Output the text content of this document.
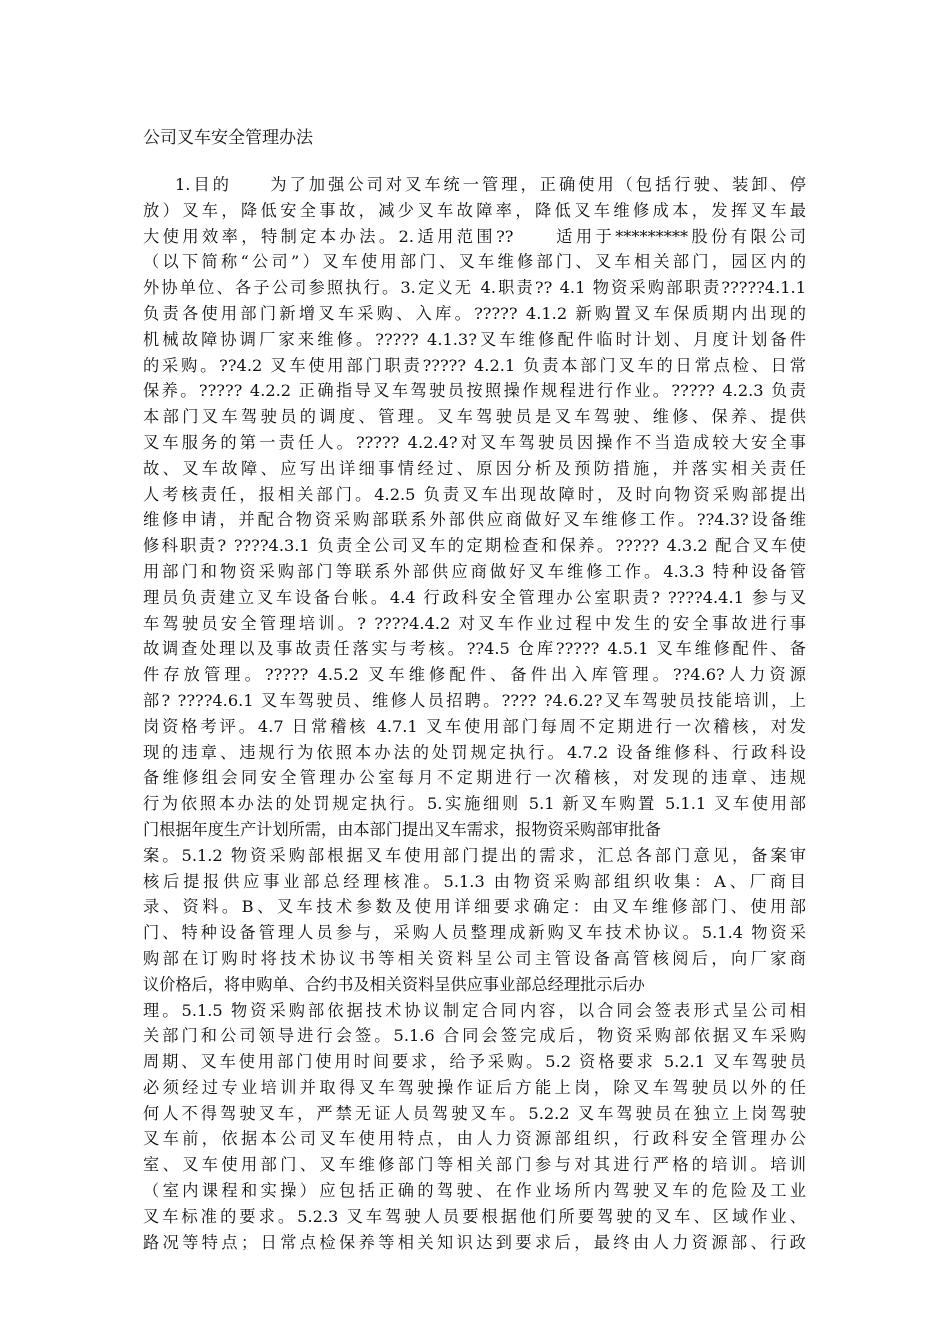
公司叉车安全管理办法
1.目的　　为了加强公司对叉车统一管理，正确使用（包括行驶、装卸、停
放）叉车，降低安全事故，减少叉车故障率，降低叉车维修成本，发挥叉车最
大使用效率，特制定本办法。2.适用范围??　　适用于*********股份有限公司
（以下简称“公司”）叉车使用部门、叉车维修部门、叉车相关部门，园区内的
外协单位、各子公司参照执行。3.定义无 4.职责?? 4.1 物资采购部职责?????4.1.1
负责各使用部门新增叉车采购、入库。????? 4.1.2 新购置叉车保质期内出现的
机械故障协调厂家来维修。????? 4.1.3?叉车维修配件临时计划、月度计划备件
的采购。??4.2 叉车使用部门职责????? 4.2.1 负责本部门叉车的日常点检、日常
保养。????? 4.2.2 正确指导叉车驾驶员按照操作规程进行作业。????? 4.2.3 负责
本部门叉车驾驶员的调度、管理。叉车驾驶员是叉车驾驶、维修、保养、提供
叉车服务的第一责任人。????? 4.2.4?对叉车驾驶员因操作不当造成较大安全事
故、叉车故障、应写出详细事情经过、原因分析及预防措施，并落实相关责任
人考核责任，报相关部门。4.2.5 负责叉车出现故障时，及时向物资采购部提出
维修申请，并配合物资采购部联系外部供应商做好叉车维修工作。??4.3?设备维
修科职责? ????4.3.1 负责全公司叉车的定期检查和保养。????? 4.3.2 配合叉车使
用部门和物资采购部门等联系外部供应商做好叉车维修工作。4.3.3 特种设备管
理员负责建立叉车设备台帐。4.4 行政科安全管理办公室职责? ????4.4.1 参与叉
车驾驶员安全管理培训。? ????4.4.2 对叉车作业过程中发生的安全事故进行事
故调查处理以及事故责任落实与考核。??4.5 仓库????? 4.5.1 叉车维修配件、备
件存放管理。????? 4.5.2 叉车维修配件、备件出入库管理。??4.6?人力资源
部? ????4.6.1 叉车驾驶员、维修人员招聘。???? ?4.6.2?叉车驾驶员技能培训，上
岗资格考评。4.7 日常稽核 4.7.1 叉车使用部门每周不定期进行一次稽核，对发
现的违章、违规行为依照本办法的处罚规定执行。4.7.2 设备维修科、行政科设
备维修组会同安全管理办公室每月不定期进行一次稽核，对发现的违章、违规
行为依照本办法的处罚规定执行。5.实施细则 5.1 新叉车购置 5.1.1 叉车使用部
门根据年度生产计划所需，由本部门提出叉车需求，报物资采购部审批备
案。5.1.2 物资采购部根据叉车使用部门提出的需求，汇总各部门意见，备案审
核后提报供应事业部总经理核准。5.1.3 由物资采购部组织收集：A、厂商目
录、资料。B、叉车技术参数及使用详细要求确定：由叉车维修部门、使用部
门、特种设备管理人员参与，采购人员整理成新购叉车技术协议。5.1.4 物资采
购部在订购时将技术协议书等相关资料呈公司主管设备高管核阅后，向厂家商
议价格后，将申购单、合约书及相关资料呈供应事业部总经理批示后办
理。5.1.5 物资采购部依据技术协议制定合同内容，以合同会签表形式呈公司相
关部门和公司领导进行会签。5.1.6 合同会签完成后，物资采购部依据叉车采购
周期、叉车使用部门使用时间要求，给予采购。5.2 资格要求 5.2.1 叉车驾驶员
必须经过专业培训并取得叉车驾驶操作证后方能上岗，除叉车驾驶员以外的任
何人不得驾驶叉车，严禁无证人员驾驶叉车。5.2.2 叉车驾驶员在独立上岗驾驶
叉车前，依据本公司叉车使用特点，由人力资源部组织，行政科安全管理办公
室、叉车使用部门、叉车维修部门等相关部门参与对其进行严格的培训。培训
（室内课程和实操）应包括正确的驾驶、在作业场所内驾驶叉车的危险及工业
叉车标准的要求。5.2.3 叉车驾驶人员要根据他们所要驾驶的叉车、区域作业、
路况等特点；日常点检保养等相关知识达到要求后，最终由人力资源部、行政
